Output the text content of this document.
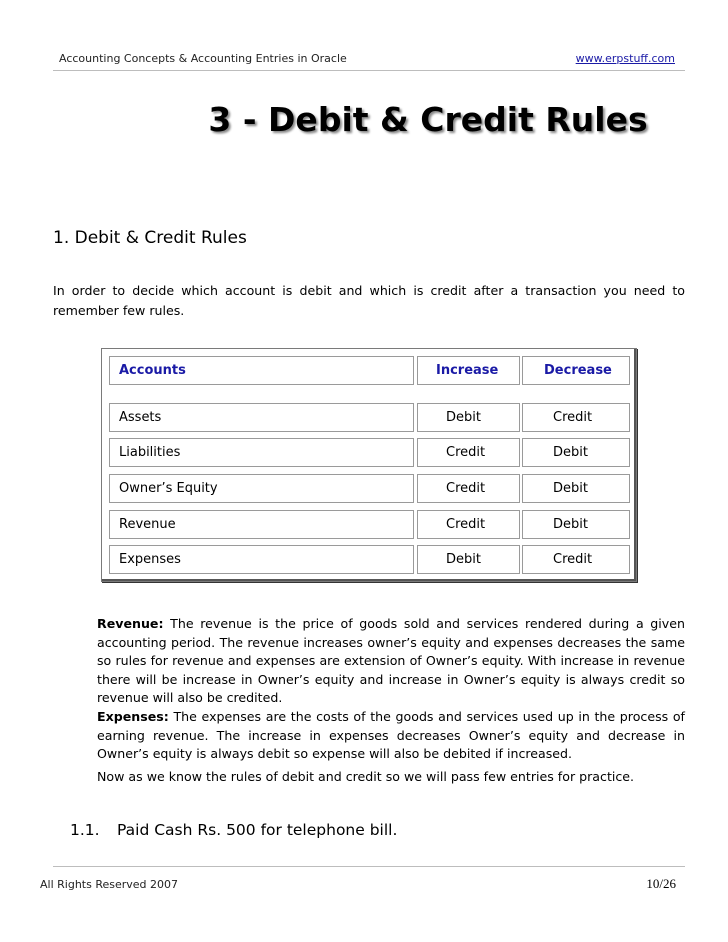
Accounting Concepts & Accounting Entries in Oracle	www.erpstuff.com
3 - Debit & Credit Rules
1. Debit & Credit Rules
In order to decide which account is debit and which is credit after a transaction you need to remember few rules.
Accounts	Increase	Decrease
Assets	Debit	Credit
Liabilities	Credit	Debit
Owner’s Equity	Credit	Debit
Revenue	Credit	Debit
Expenses	Debit	Credit
Revenue: The revenue is the price of goods sold and services rendered during a given accounting period. The revenue increases owner’s equity and expenses decreases the same so rules for revenue and expenses are extension of Owner’s equity. With increase in revenue there will be increase in Owner’s equity and increase in Owner’s equity is always credit so revenue will also be credited.
Expenses: The expenses are the costs of the goods and services used up in the process of earning revenue. The increase in expenses decreases Owner’s equity and decrease in Owner’s equity is always debit so expense will also be debited if increased.
Now as we know the rules of debit and credit so we will pass few entries for practice.
1.1. Paid Cash Rs. 500 for telephone bill.
All Rights Reserved 2007	10/26
